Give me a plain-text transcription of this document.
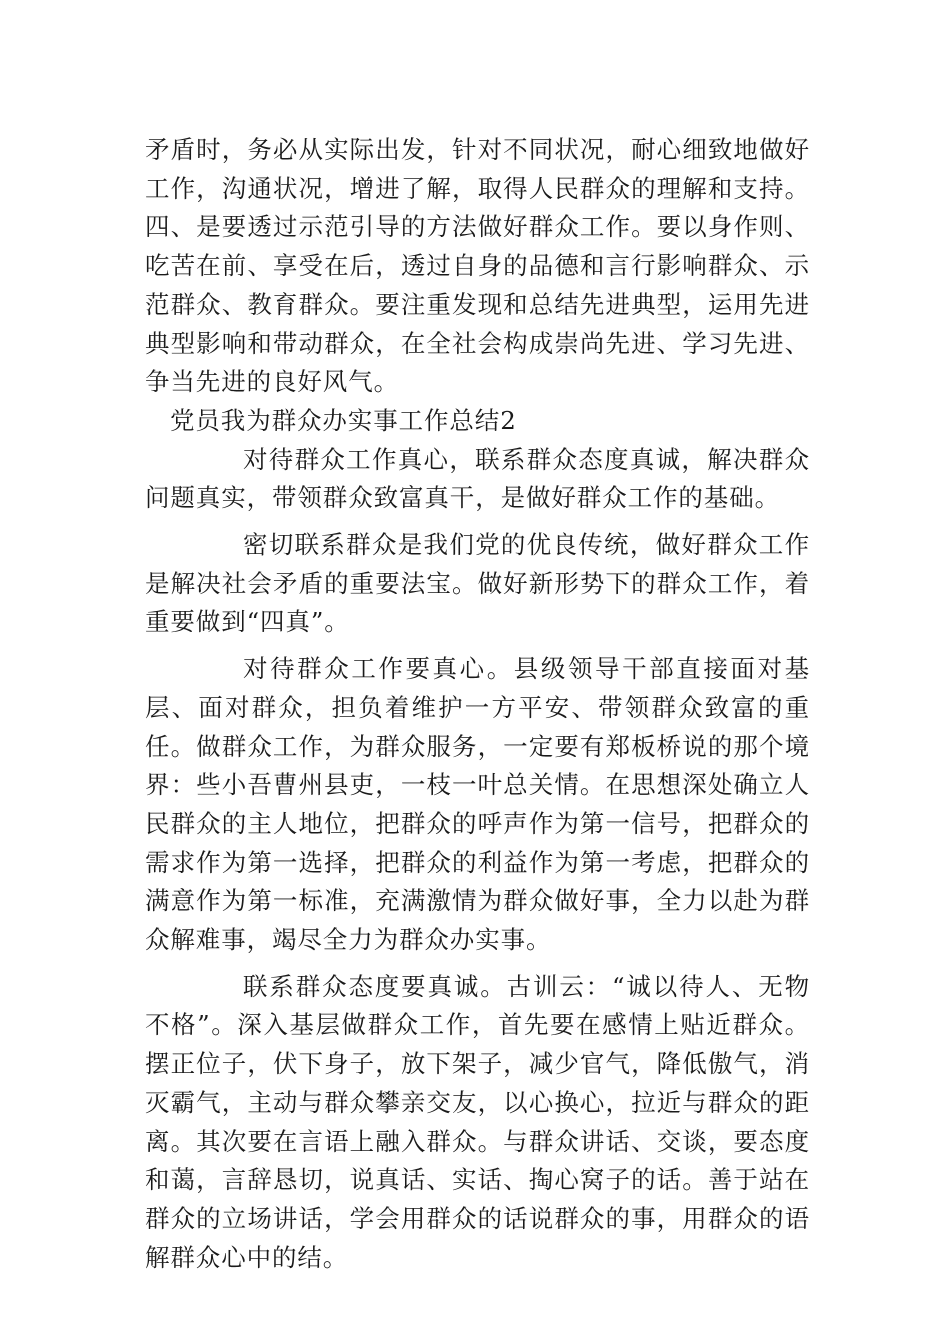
矛盾时，务必从实际出发，针对不同状况，耐心细致地做好工作，沟通状况，增进了解，取得人民群众的理解和支持。四、是要透过示范引导的方法做好群众工作。要以身作则、吃苦在前、享受在后，透过自身的品德和言行影响群众、示范群众、教育群众。要注重发现和总结先进典型，运用先进典型影响和带动群众，在全社会构成崇尚先进、学习先进、争当先进的良好风气。

党员我为群众办实事工作总结2

对待群众工作真心，联系群众态度真诚，解决群众问题真实，带领群众致富真干，是做好群众工作的基础。

密切联系群众是我们党的优良传统，做好群众工作是解决社会矛盾的重要法宝。做好新形势下的群众工作，着重要做到“四真”。

对待群众工作要真心。县级领导干部直接面对基层、面对群众，担负着维护一方平安、带领群众致富的重任。做群众工作，为群众服务，一定要有郑板桥说的那个境界：些小吾曹州县吏，一枝一叶总关情。在思想深处确立人民群众的主人地位，把群众的呼声作为第一信号，把群众的需求作为第一选择，把群众的利益作为第一考虑，把群众的满意作为第一标准，充满激情为群众做好事，全力以赴为群众解难事，竭尽全力为群众办实事。

联系群众态度要真诚。古训云：“诚以待人、无物不格”。深入基层做群众工作，首先要在感情上贴近群众。摆正位子，伏下身子，放下架子，减少官气，降低傲气，消灭霸气，主动与群众攀亲交友，以心换心，拉近与群众的距离。其次要在言语上融入群众。与群众讲话、交谈，要态度和蔼，言辞恳切，说真话、实话、掏心窝子的话。善于站在群众的立场讲话，学会用群众的话说群众的事，用群众的语解群众心中的结。
